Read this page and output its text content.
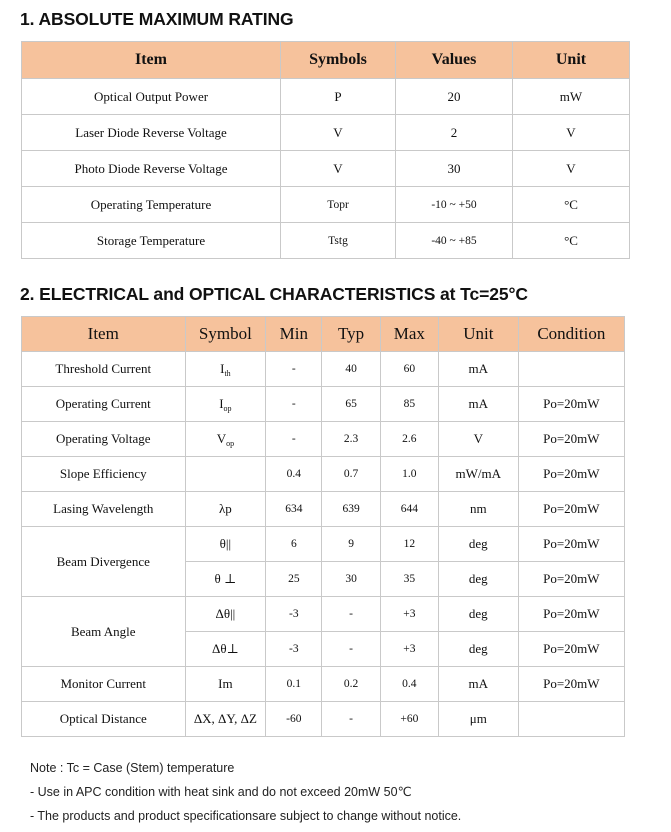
1. ABSOLUTE MAXIMUM RATING
Item	Symbols	Values	Unit
Optical Output Power	P	20	mW
Laser Diode Reverse Voltage	V	2	V
Photo Diode Reverse Voltage	V	30	V
Operating Temperature	Topr	-10 ~ +50	°C
Storage Temperature	Tstg	-40 ~ +85	°C
2. ELECTRICAL and OPTICAL CHARACTERISTICS at Tc=25°C
Item	Symbol	Min	Typ	Max	Unit	Condition
Threshold Current	$I_{th}$	-	40	60	mA	
Operating Current	$I_{op}$	-	65	85	mA	Po=20mW
Operating Voltage	$V_{op}$	-	2.3	2.6	V	Po=20mW
Slope Efficiency		0.4	0.7	1.0	mW/mA	Po=20mW
Lasing Wavelength	λp	634	639	644	nm	Po=20mW
Beam Divergence	θ||	6	9	12	deg	Po=20mW
	θ ⊥	25	30	35	deg	Po=20mW
Beam Angle	Δθ||	-3	-	+3	deg	Po=20mW
	Δθ⊥	-3	-	+3	deg	Po=20mW
Monitor Current	Im	0.1	0.2	0.4	mA	Po=20mW
Optical Distance	ΔX, ΔY, ΔZ	-60	-	+60	μm	
Note : Tc = Case (Stem) temperature
- Use in APC condition with heat sink and do not exceed 20mW 50℃
- The products and product specificationsare subject to change without notice.
